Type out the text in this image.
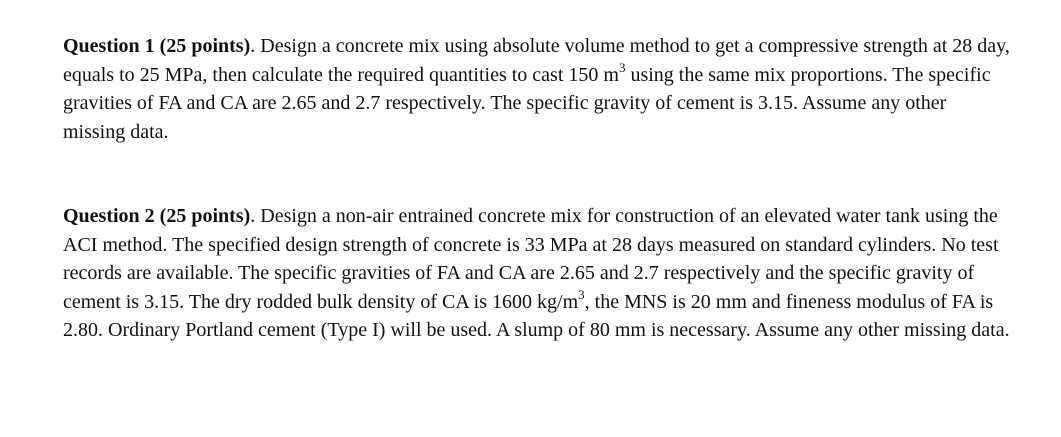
Question 1 (25 points). Design a concrete mix using absolute volume method to get a compressive strength at 28 day, equals to 25 MPa, then calculate the required quantities to cast 150 $m^3$ using the same mix proportions. The specific gravities of FA and CA are 2.65 and 2.7 respectively. The specific gravity of cement is 3.15. Assume any other missing data.

Question 2 (25 points). Design a non-air entrained concrete mix for construction of an elevated water tank using the ACI method. The specified design strength of concrete is 33 MPa at 28 days measured on standard cylinders. No test records are available. The specific gravities of FA and CA are 2.65 and 2.7 respectively and the specific gravity of cement is 3.15. The dry rodded bulk density of CA is 1600 $kg/m^3$, the MNS is 20 mm and fineness modulus of FA is 2.80. Ordinary Portland cement (Type I) will be used. A slump of 80 mm is necessary. Assume any other missing data.
